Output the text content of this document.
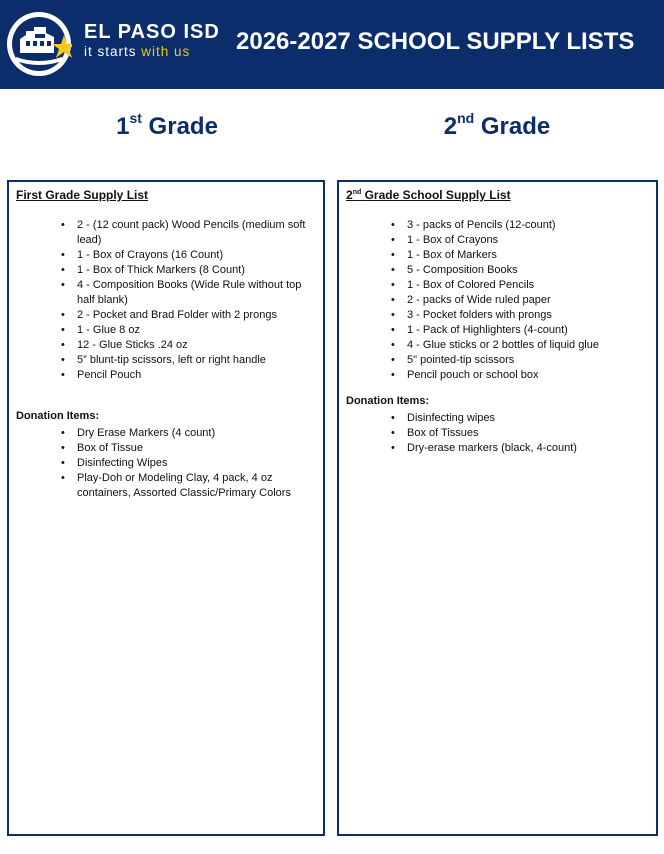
EL PASO ISD
it starts with us 2026-2027 SCHOOL SUPPLY LISTS
1st Grade	2nd Grade
First Grade Supply List
• 2 - (12 count pack) Wood Pencils (medium soft lead)
• 1 - Box of Crayons (16 Count)
• 1 - Box of Thick Markers (8 Count)
• 4 - Composition Books (Wide Rule without top half blank)
• 2 - Pocket and Brad Folder with 2 prongs
• 1 - Glue 8 oz
• 12 - Glue Sticks .24 oz
• 5” blunt-tip scissors, left or right handle
• Pencil Pouch
Donation Items:
• Dry Erase Markers (4 count)
• Box of Tissue
• Disinfecting Wipes
• Play-Doh or Modeling Clay, 4 pack, 4 oz containers, Assorted Classic/Primary Colors
2nd Grade School Supply List
• 3 - packs of Pencils (12-count)
• 1 - Box of Crayons
• 1 - Box of Markers
• 5 - Composition Books
• 1 - Box of Colored Pencils
• 2 - packs of Wide ruled paper
• 3 - Pocket folders with prongs
• 1 - Pack of Highlighters (4-count)
• 4 - Glue sticks or 2 bottles of liquid glue
• 5" pointed-tip scissors
• Pencil pouch or school box
Donation Items:
• Disinfecting wipes
• Box of Tissues
• Dry-erase markers (black, 4-count)
